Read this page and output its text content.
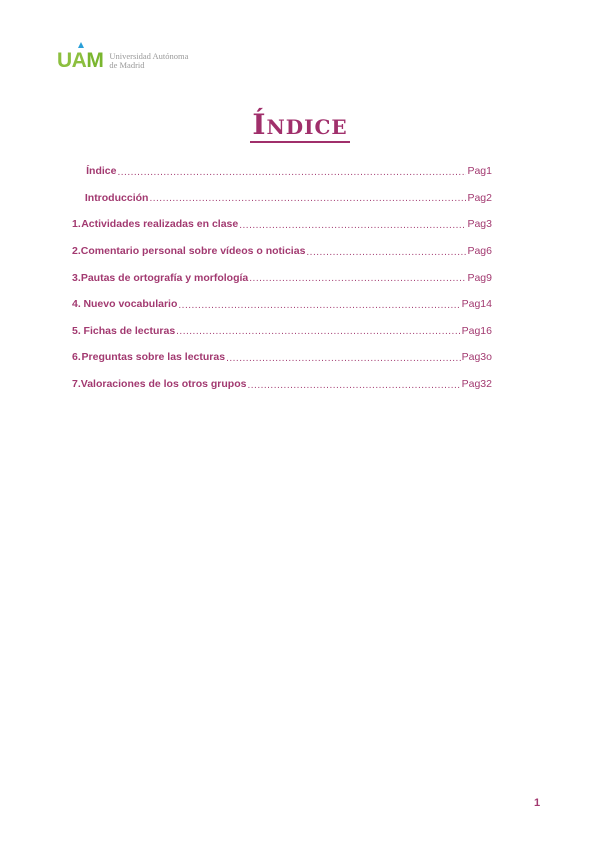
UA
M Universidad Autónoma
de Madrid
Índice
Índice .....	Pag1
Introducción .....	Pag2
1. Actividades realizadas en clase .....	Pag3
2. Comentario personal sobre vídeos o noticias .....	Pag6
3. Pautas de ortografía y morfología .....	Pag9
4. Nuevo vocabulario .....	Pag14
5. Fichas de lecturas .....	Pag16
6. Preguntas sobre las lecturas .....	Pag3o
7. Valoraciones de los otros grupos .....	Pag32
1
